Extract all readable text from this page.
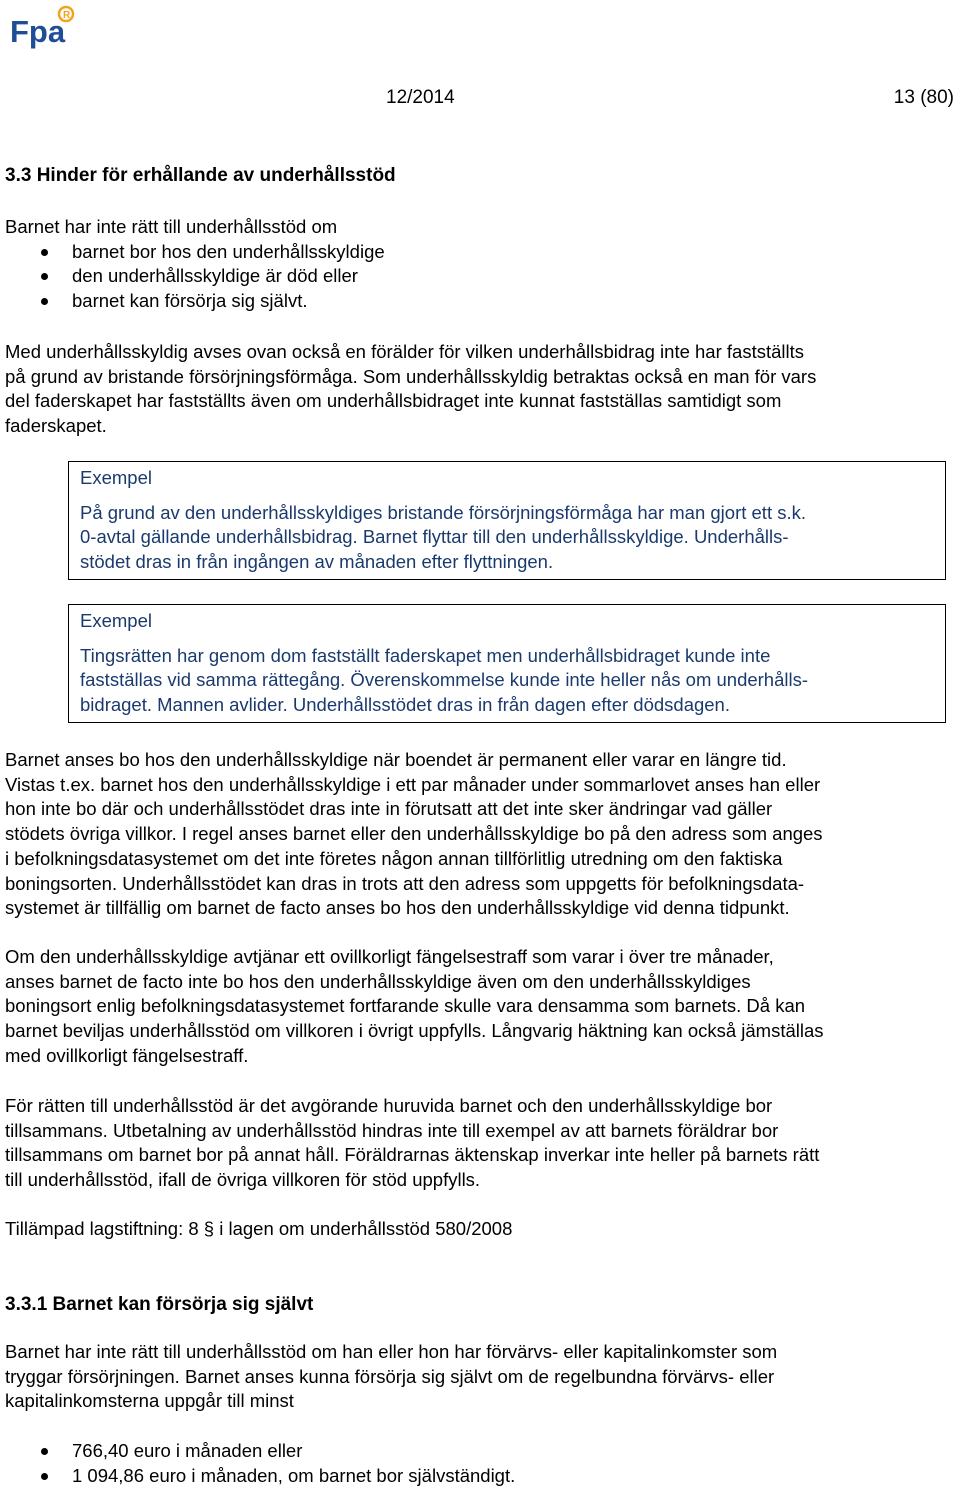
Fpa
R
12/2014	13 (80)
3.3 Hinder för erhållande av underhållsstöd
Barnet har inte rätt till underhållsstöd om
barnet bor hos den underhållsskyldige
den underhållsskyldige är död eller
barnet kan försörja sig självt.
Med underhållsskyldig avses ovan också en förälder för vilken underhållsbidrag inte har fastställts
på grund av bristande försörjningsförmåga. Som underhållsskyldig betraktas också en man för vars
del faderskapet har fastställts även om underhållsbidraget inte kunnat fastställas samtidigt som
faderskapet.
Exempel
På grund av den underhållsskyldiges bristande försörjningsförmåga har man gjort ett s.k.
0-avtal gällande underhållsbidrag. Barnet flyttar till den underhållsskyldige. Underhålls-
stödet dras in från ingången av månaden efter flyttningen.
Exempel
Tingsrätten har genom dom fastställt faderskapet men underhållsbidraget kunde inte
fastställas vid samma rättegång. Överenskommelse kunde inte heller nås om underhålls-
bidraget. Mannen avlider. Underhållsstödet dras in från dagen efter dödsdagen.
Barnet anses bo hos den underhållsskyldige när boendet är permanent eller varar en längre tid.
Vistas t.ex. barnet hos den underhållsskyldige i ett par månader under sommarlovet anses han eller
hon inte bo där och underhållsstödet dras inte in förutsatt att det inte sker ändringar vad gäller
stödets övriga villkor. I regel anses barnet eller den underhållsskyldige bo på den adress som anges
i befolkningsdatasystemet om det inte företes någon annan tillförlitlig utredning om den faktiska
boningsorten. Underhållsstödet kan dras in trots att den adress som uppgetts för befolkningsdata-
systemet är tillfällig om barnet de facto anses bo hos den underhållsskyldige vid denna tidpunkt.
Om den underhållsskyldige avtjänar ett ovillkorligt fängelsestraff som varar i över tre månader,
anses barnet de facto inte bo hos den underhållsskyldige även om den underhållsskyldiges
boningsort enlig befolkningsdatasystemet fortfarande skulle vara densamma som barnets. Då kan
barnet beviljas underhållsstöd om villkoren i övrigt uppfylls. Långvarig häktning kan också jämställas
med ovillkorligt fängelsestraff.
För rätten till underhållsstöd är det avgörande huruvida barnet och den underhållsskyldige bor
tillsammans. Utbetalning av underhållsstöd hindras inte till exempel av att barnets föräldrar bor
tillsammans om barnet bor på annat håll. Föräldrarnas äktenskap inverkar inte heller på barnets rätt
till underhållsstöd, ifall de övriga villkoren för stöd uppfylls.
Tillämpad lagstiftning: 8 § i lagen om underhållsstöd 580/2008
3.3.1 Barnet kan försörja sig självt
Barnet har inte rätt till underhållsstöd om han eller hon har förvärvs- eller kapitalinkomster som
tryggar försörjningen. Barnet anses kunna försörja sig självt om de regelbundna förvärvs- eller
kapitalinkomsterna uppgår till minst
766,40 euro i månaden eller
1 094,86 euro i månaden, om barnet bor självständigt.
